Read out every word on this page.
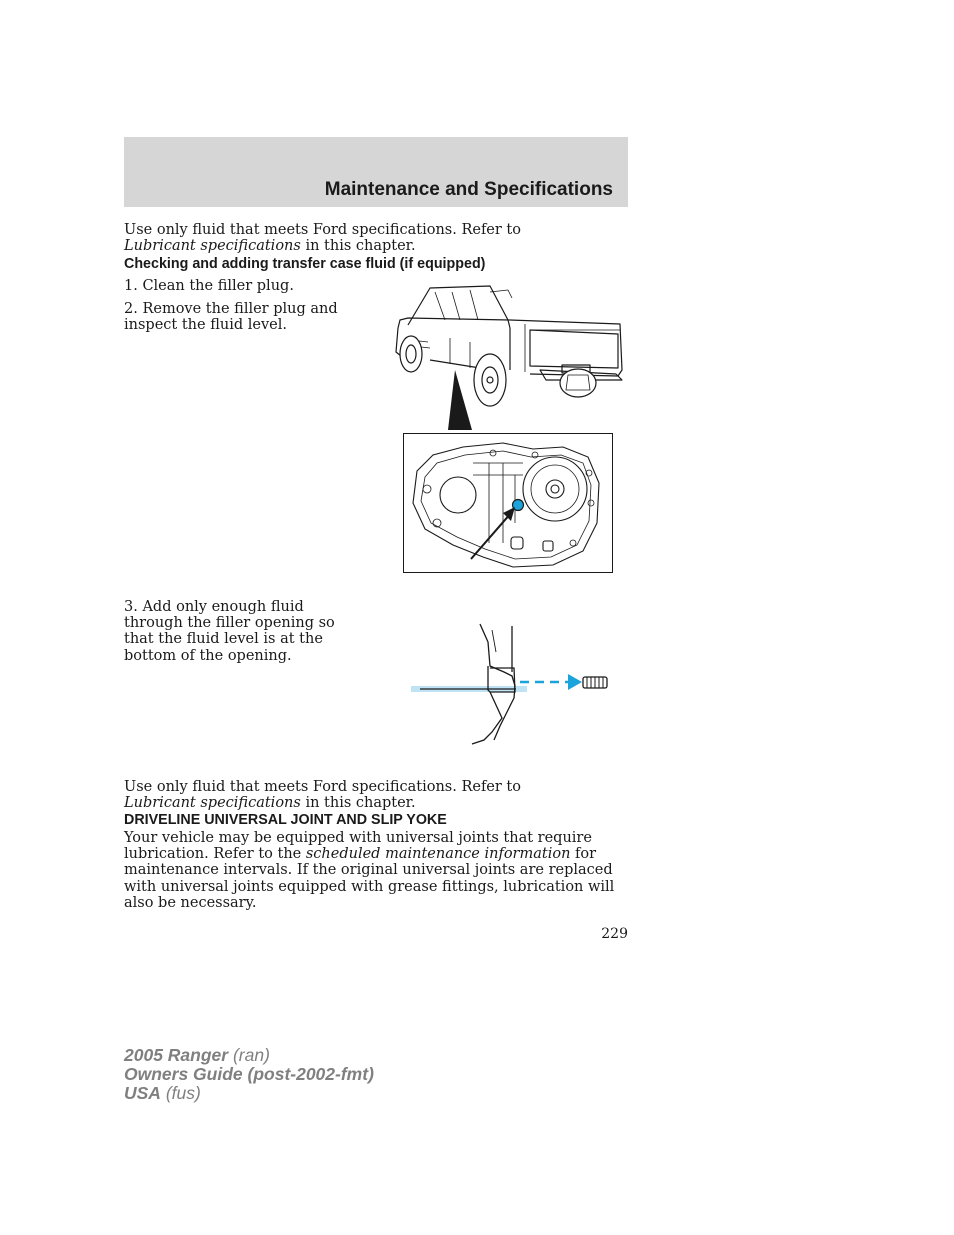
Maintenance and Specifications

Use only fluid that meets Ford specifications. Refer to Lubricant specifications in this chapter.

Checking and adding transfer case fluid (if equipped)

1. Clean the filler plug.

2. Remove the filler plug and inspect the fluid level.

3. Add only enough fluid through the filler opening so that the fluid level is at the bottom of the opening.

Use only fluid that meets Ford specifications. Refer to Lubricant specifications in this chapter.

DRIVELINE UNIVERSAL JOINT AND SLIP YOKE

Your vehicle may be equipped with universal joints that require lubrication. Refer to the scheduled maintenance information for maintenance intervals. If the original universal joints are replaced with universal joints equipped with grease fittings, lubrication will also be necessary.

229
2005 Ranger (ran)
Owners Guide (post-2002-fmt)
USA (fus)
